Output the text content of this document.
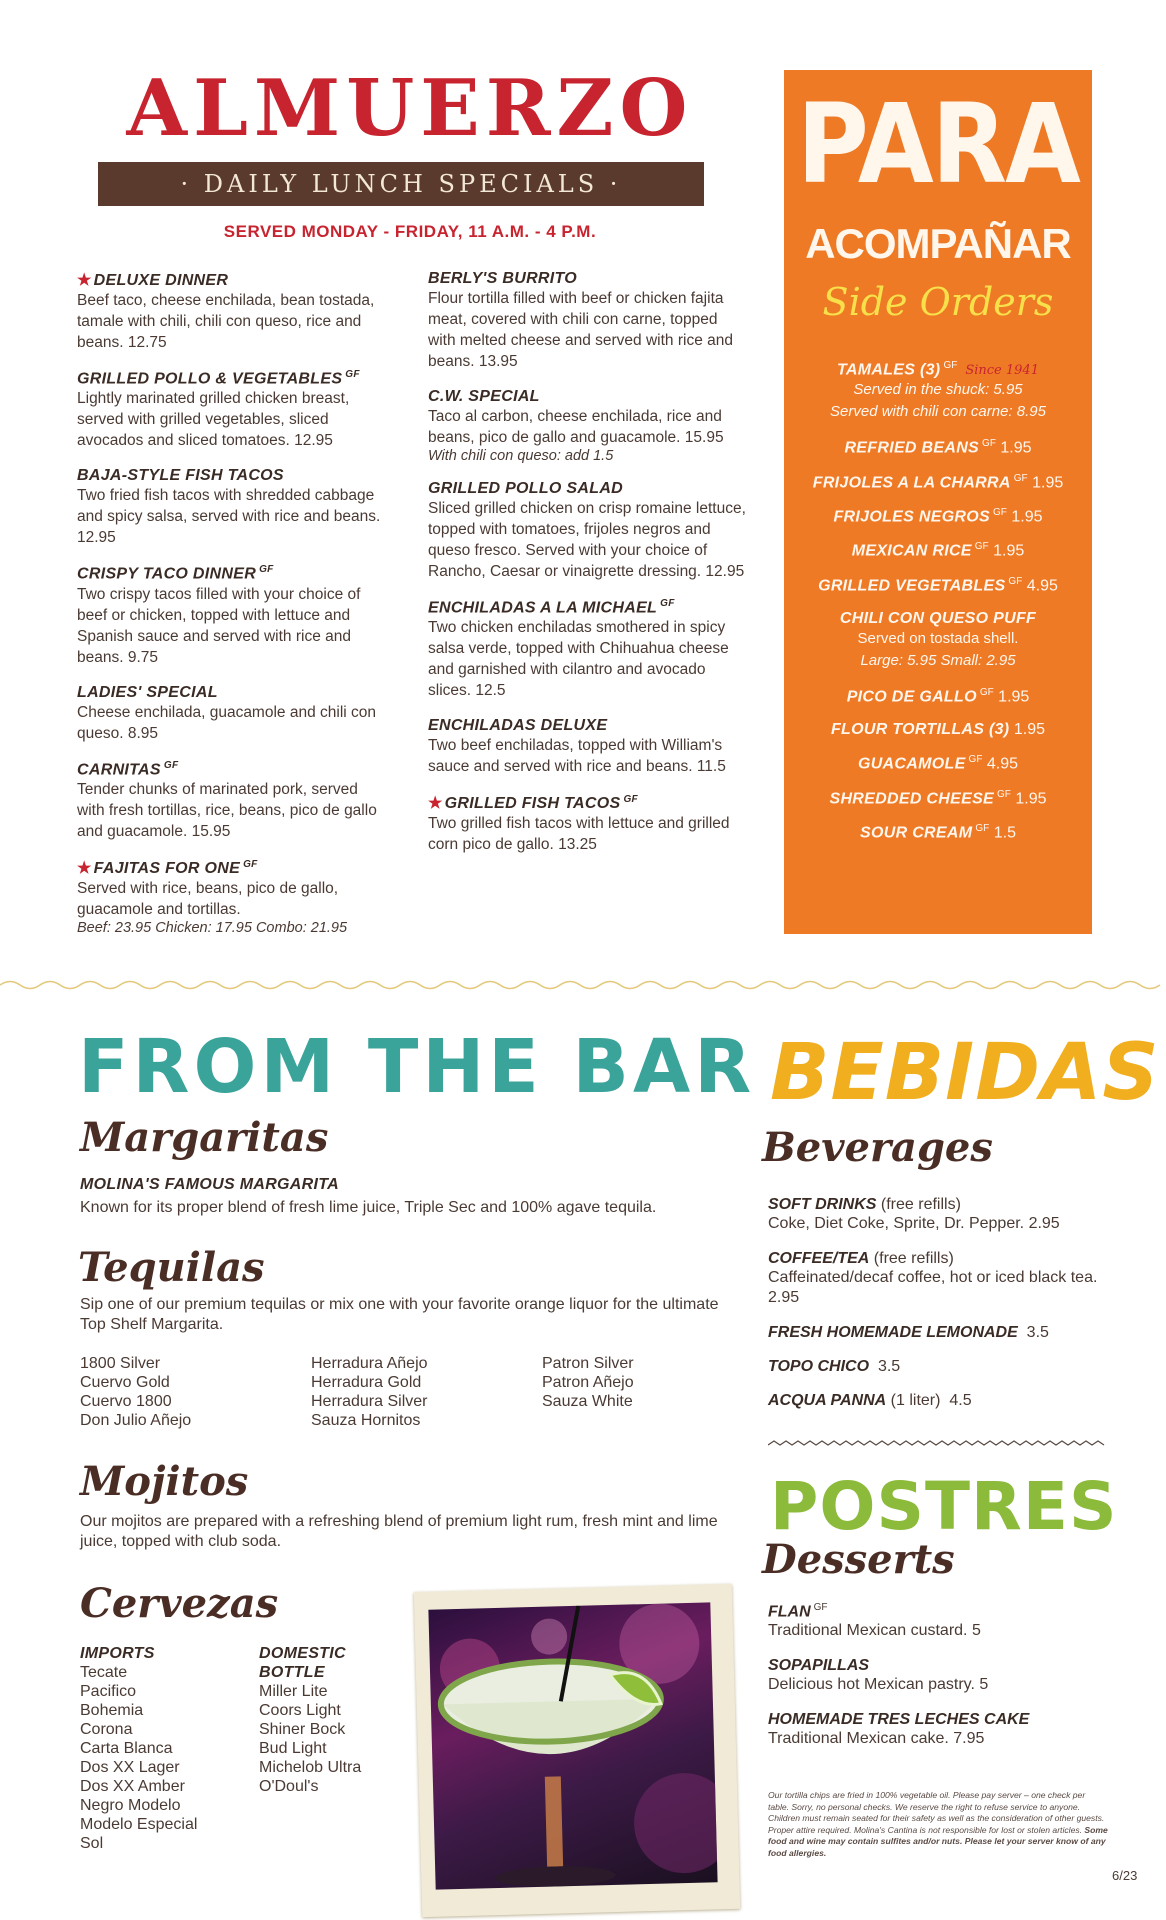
ALMUERZO
· DAILY LUNCH SPECIALS ·
SERVED MONDAY - FRIDAY, 11 A.M. - 4 P.M.
★ DELUXE DINNER
Beef taco, cheese enchilada, bean tostada, tamale with chili, chili con queso, rice and beans. 12.75
GRILLED POLLO & VEGETABLES $^{GF}$
Lightly marinated grilled chicken breast, served with grilled vegetables, sliced avocados and sliced tomatoes. 12.95
BAJA-STYLE FISH TACOS
Two fried fish tacos with shredded cabbage and spicy salsa, served with rice and beans. 12.95
CRISPY TACO DINNER $^{GF}$
Two crispy tacos filled with your choice of beef or chicken, topped with lettuce and Spanish sauce and served with rice and beans. 9.75
LADIES' SPECIAL
Cheese enchilada, guacamole and chili con queso. 8.95
CARNITAS $^{GF}$
Tender chunks of marinated pork, served with fresh tortillas, rice, beans, pico de gallo and guacamole. 15.95
★ FAJITAS FOR ONE $^{GF}$
Served with rice, beans, pico de gallo, guacamole and tortillas.
Beef: 23.95 Chicken: 17.95 Combo: 21.95
BERLY'S BURRITO
Flour tortilla filled with beef or chicken fajita meat, covered with chili con carne, topped with melted cheese and served with rice and beans. 13.95
C.W. SPECIAL
Taco al carbon, cheese enchilada, rice and beans, pico de gallo and guacamole. 15.95
With chili con queso: add 1.5
GRILLED POLLO SALAD
Sliced grilled chicken on crisp romaine lettuce, topped with tomatoes, frijoles negros and queso fresco. Served with your choice of Rancho, Caesar or vinaigrette dressing. 12.95
ENCHILADAS A LA MICHAEL $^{GF}$
Two chicken enchiladas smothered in spicy salsa verde, topped with Chihuahua cheese and garnished with cilantro and avocado slices. 12.5
ENCHILADAS DELUXE
Two beef enchiladas, topped with William's sauce and served with rice and beans. 11.5
★ GRILLED FISH TACOS $^{GF}$
Two grilled fish tacos with lettuce and grilled corn pico de gallo. 13.25
PARA
ACOMPAÑAR
Side Orders
TAMALES (3) $^{GF}$ Since 1941
Served in the shuck: 5.95
Served with chili con carne: 8.95
REFRIED BEANS $^{GF}$ 1.95
FRIJOLES A LA CHARRA $^{GF}$ 1.95
FRIJOLES NEGROS $^{GF}$ 1.95
MEXICAN RICE $^{GF}$ 1.95
GRILLED VEGETABLES $^{GF}$ 4.95
CHILI CON QUESO PUFF
Served on tostada shell.
Large: 5.95 Small: 2.95
PICO DE GALLO $^{GF}$ 1.95
FLOUR TORTILLAS (3) 1.95
GUACAMOLE $^{GF}$ 4.95
SHREDDED CHEESE $^{GF}$ 1.95
SOUR CREAM $^{GF}$ 1.5
FROM THE BAR
Margaritas
MOLINA'S FAMOUS MARGARITA
Known for its proper blend of fresh lime juice, Triple Sec and 100% agave tequila.
Tequilas
Sip one of our premium tequilas or mix one with your favorite orange liquor for the ultimate Top Shelf Margarita.
1800 Silver
Cuervo Gold
Cuervo 1800
Don Julio Añejo
Herradura Añejo
Herradura Gold
Herradura Silver
Sauza Hornitos
Patron Silver
Patron Añejo
Sauza White
Mojitos
Our mojitos are prepared with a refreshing blend of premium light rum, fresh mint and lime juice, topped with club soda.
Cervezas
IMPORTS
Tecate
Pacifico
Bohemia
Corona
Carta Blanca
Dos XX Lager
Dos XX Amber
Negro Modelo
Modelo Especial
Sol
DOMESTIC
BOTTLE
Miller Lite
Coors Light
Shiner Bock
Bud Light
Michelob Ultra
O'Doul's
BEBIDAS
Beverages
SOFT DRINKS (free refills)
Coke, Diet Coke, Sprite, Dr. Pepper. 2.95
COFFEE/TEA (free refills)
Caffeinated/decaf coffee, hot or iced black tea. 2.95
FRESH HOMEMADE LEMONADE 3.5
TOPO CHICO 3.5
ACQUA PANNA (1 liter) 4.5
POSTRES
Desserts
FLAN $^{GF}$
Traditional Mexican custard. 5
SOPAPILLAS
Delicious hot Mexican pastry. 5
HOMEMADE TRES LECHES CAKE
Traditional Mexican cake. 7.95
Our tortilla chips are fried in 100% vegetable oil. Please pay server – one check per table. Sorry, no personal checks. We reserve the right to refuse service to anyone. Children must remain seated for their safety as well as the consideration of other guests. Proper attire required. Molina's Cantina is not responsible for lost or stolen articles. Some food and wine may contain sulfites and/or nuts. Please let your server know of any food allergies.
6/23
